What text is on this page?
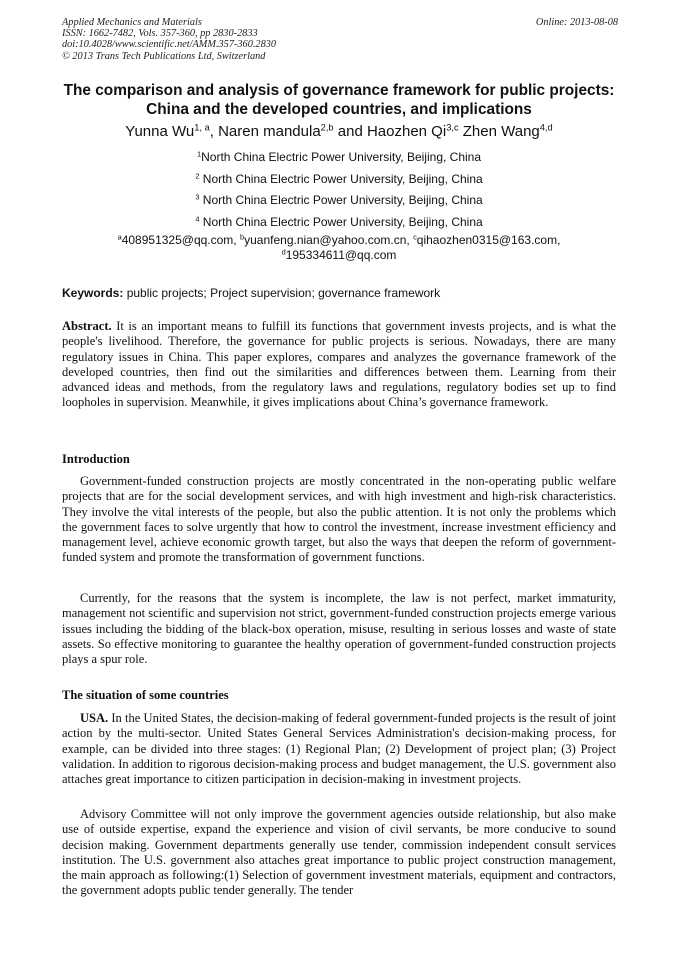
Applied Mechanics and Materials
ISSN: 1662-7482, Vols. 357-360, pp 2830-2833
doi:10.4028/www.scientific.net/AMM.357-360.2830
© 2013 Trans Tech Publications Ltd, Switzerland
Online: 2013-08-08
The comparison and analysis of governance framework for public projects: China and the developed countries, and implications
Yunna Wu$^{1, a}$, Naren mandula$^{2,b}$ and Haozhen Qi$^{3,c}$ Zhen Wang$^{4,d}$
$^1$North China Electric Power University, Beijing, China
$^2$ North China Electric Power University, Beijing, China
$^3$ North China Electric Power University, Beijing, China
$^4$ North China Electric Power University, Beijing, China
$^a$408951325@qq.com, $^b$yuanfeng.nian@yahoo.com.cn, $^c$qihaozhen0315@163.com,
$^d$195334611@qq.com
Keywords: public projects; Project supervision; governance framework

Abstract. It is an important means to fulfill its functions that government invests projects, and is what the people's livelihood. Therefore, the governance for public projects is serious. Nowadays, there are many regulatory issues in China. This paper explores, compares and analyzes the governance framework of the developed countries, then find out the similarities and differences between them. Learning from their advanced ideas and methods, from the regulatory laws and regulations, regulatory bodies set up to find loopholes in supervision. Meanwhile, it gives implications about China’s governance framework.

Introduction

Government-funded construction projects are mostly concentrated in the non-operating public welfare projects that are for the social development services, and with high investment and high-risk characteristics. They involve the vital interests of the people, but also the public attention. It is not only the problems which the government faces to solve urgently that how to control the investment, increase investment efficiency and management level, achieve economic growth target, but also the ways that deepen the reform of government-funded system and promote the transformation of government functions.

Currently, for the reasons that the system is incomplete, the law is not perfect, market immaturity, management not scientific and supervision not strict, government-funded construction projects emerge various issues including the bidding of the black-box operation, misuse, resulting in serious losses and waste of state assets. So effective monitoring to guarantee the healthy operation of government-funded construction projects plays a spur role.

The situation of some countries

USA. In the United States, the decision-making of federal government-funded projects is the result of joint action by the multi-sector. United States General Services Administration's decision-making process, for example, can be divided into three stages: (1) Regional Plan; (2) Development of project plan; (3) Project validation. In addition to rigorous decision-making process and budget management, the U.S. government also attaches great importance to citizen participation in decision-making in investment projects.

Advisory Committee will not only improve the government agencies outside relationship, but also make use of outside expertise, expand the experience and vision of civil servants, be more conducive to sound decision making. Government departments generally use tender, commission independent consult services institution. The U.S. government also attaches great importance to public project construction management, the main approach as following:(1) Selection of government investment materials, equipment and contractors, the government adopts public tender generally. The tender
